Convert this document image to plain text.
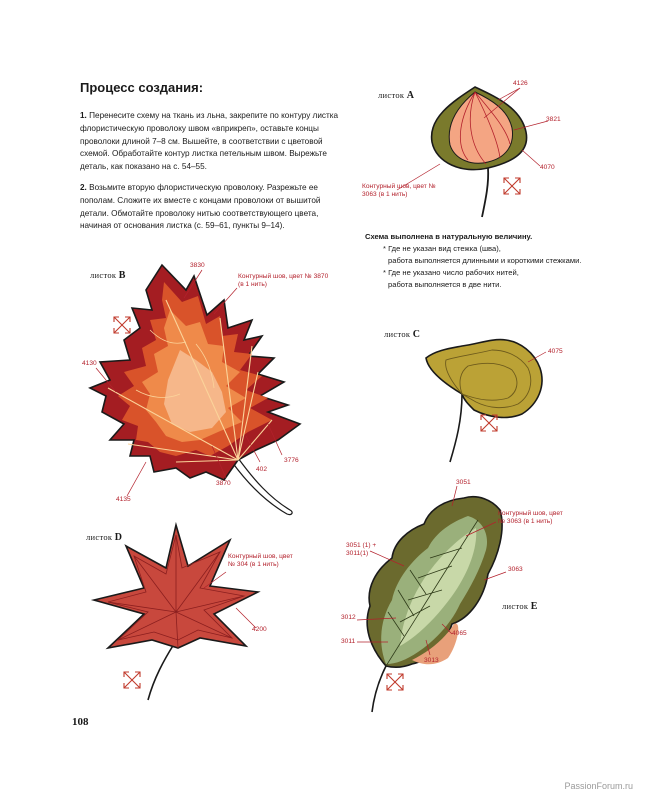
Процесс создания:
1. Перенесите схему на ткань из льна, закрепите по контуру листка флористическую проволоку швом «вприкреп», оставьте концы проволоки длиной 7–8 см. Вышейте, в соответствии с цветовой схемой. Обработайте контур листка петельным швом. Вырежьте деталь, как показано на с. 54–55.
2. Возьмите вторую флористическую проволоку. Разрежьте ее пополам. Сложите их вместе с концами проволоки от вышитой детали. Обмотайте проволоку нитью соответствующего цвета, начиная от основания листка (с. 59–61, пункты 9–14).
Схема выполнена в натуральную величину.
* Где не указан вид стежка (шва),
работа выполняется длинными и короткими стежками.
* Где не указано число рабочих нитей,
работа выполняется в две нити.
листок A
4126
3821
4070
Контурный шов, цвет № 3063 (в 1 нить)
листок B
3830
Контурный шов, цвет № 3870 (в 1 нить)
4130
402
3776
3870
4135
листок C
4075
листок D
Контурный шов, цвет № 304 (в 1 нить)
4200
листок E
3051
Контурный шов, цвет № 3063 (в 1 нить)
3051 (1) + 3011(1)
3063
3012
3011
3013
4065
108
PassionForum.ru
